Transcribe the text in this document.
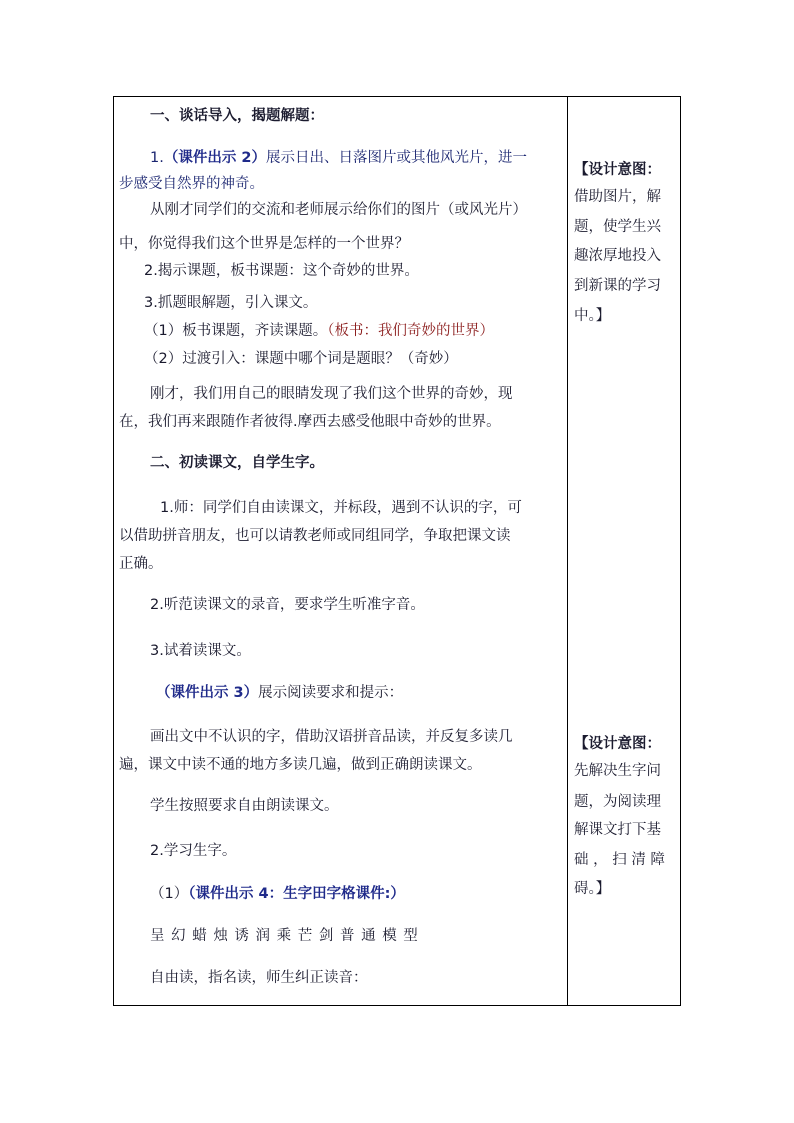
一、谈话导入，揭题解题：
1.（课件出示 2）展示日出、日落图片或其他风光片，进一
步感受自然界的神奇。
从刚才同学们的交流和老师展示给你们的图片（或风光片）
中，你觉得我们这个世界是怎样的一个世界？
2.揭示课题，板书课题：这个奇妙的世界。
3.抓题眼解题，引入课文。
（1）板书课题，齐读课题。（板书：我们奇妙的世界）
（2）过渡引入：课题中哪个词是题眼？（奇妙）
刚才，我们用自己的眼睛发现了我们这个世界的奇妙，现
在，我们再来跟随作者彼得.摩西去感受他眼中奇妙的世界。
二、初读课文，自学生字。
1.师：同学们自由读课文，并标段，遇到不认识的字，可
以借助拼音朋友，也可以请教老师或同组同学，争取把课文读
正确。
2.听范读课文的录音，要求学生听准字音。
3.试着读课文。
（课件出示 3）展示阅读要求和提示：
画出文中不认识的字，借助汉语拼音品读，并反复多读几
遍，课文中读不通的地方多读几遍，做到正确朗读课文。
学生按照要求自由朗读课文。
2.学习生字。
（1）（课件出示 4：生字田字格课件:）
呈 幻 蜡 烛 诱 润 乘 芒 剑 普 通 模 型
自由读，指名读，师生纠正读音：
【设计意图：
借助图片，解
题，使学生兴
趣浓厚地投入
到新课的学习
中。】
【设计意图：
先解决生字问
题，为阅读理
解课文打下基
础 ， 扫 清 障
碍。】
